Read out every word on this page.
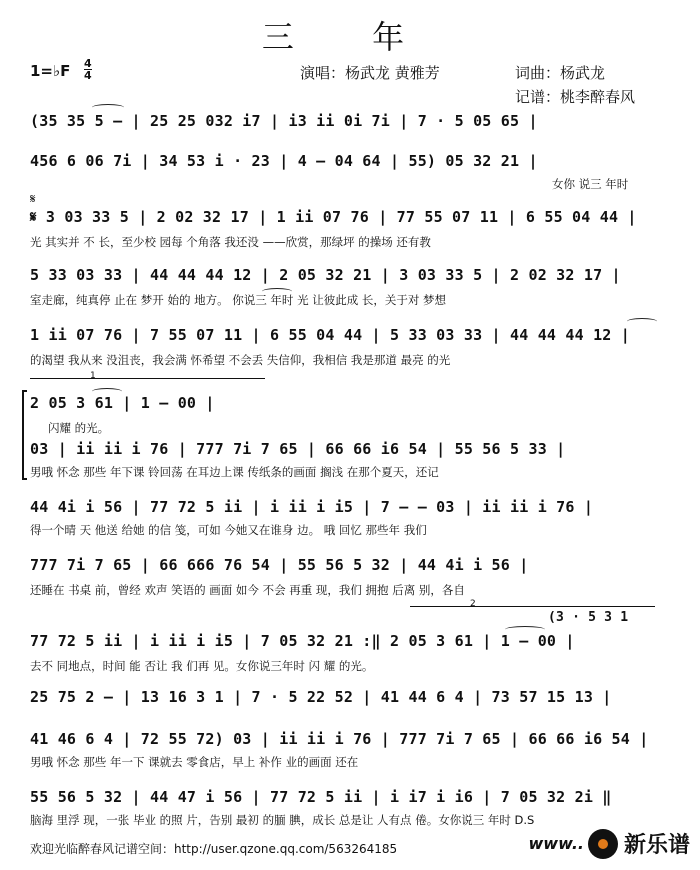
三 年
1=♭F 4
4	演唱：杨武龙 黄雅芳	词曲：杨武龙
记谱：桃李醉春风
(35 35 5 – | 25 25 032 i7 | i3 ii 0i 7i | 7 · 5 05 65 |
456 6 06 7i | 34 53 i · 23 | 4 – 04 64 | 55) 05 32 21 |
女你 说三 年时
𝄋
𝄋 3 03 33 5 | 2 02 32 17 | 1 ii 07 76 | 77 55 07 11 | 6 55 04 44 |
光 其实并 不 长，至少校 园每 个角落 我还没 ——欣赏，那绿坪 的操场 还有教
5 33 03 33 | 44 44 44 12 | 2 05 32 21 | 3 03 33 5 | 2 02 32 17 |
室走廊，纯真停 止在 梦开 始的 地方。 你说三 年时 光 让彼此成 长，关于对 梦想
1 ii 07 76 | 7 55 07 11 | 6 55 04 44 | 5 33 03 33 | 44 44 44 12 |
的渴望 我从来 没沮丧，我会满 怀希望 不会丢 失信仰，我相信 我是那道 最亮 的光
1
2 05 3 61 | 1 – 00 |
闪耀 的光。
03 | ii ii i 76 | 777 7i 7 65 | 66 66 i6 54 | 55 56 5 33 |
男哦 怀念 那些 年下课 铃回荡 在耳边上课 传纸条的画面 搁浅 在那个夏天，还记
44 4i i 56 | 77 72 5 ii | i ii i i5 | 7 – – 03 | ii ii i 76 |
得一个晴 天 他送 给她 的信 笺，可如 今她又在谁身 边。 哦 回忆 那些年 我们
777 7i 7 65 | 66 666 76 54 | 55 56 5 32 | 44 4i i 56 |
还睡在 书桌 前，曾经 欢声 笑语的 画面 如今 不会 再重 现，我们 拥抱 后离 别，各自
2
(3 · 5 3 1
77 72 5 ii | i ii i i5 | 7 05 32 21 :‖ 2 05 3 61 | 1 – 00 |
去不 同地点，时间 能 否让 我 们再 见。女你说三年时 闪 耀 的光。
25 75 2 – | 13 16 3 1 | 7 · 5 22 52 | 41 44 6 4 | 73 57 15 13 |
41 46 6 4 | 72 55 72) 03 | ii ii i 76 | 777 7i 7 65 | 66 66 i6 54 |
男哦 怀念 那些 年一下 课就去 零食店，早上 补作 业的画面 还在
55 56 5 32 | 44 47 i 56 | 77 72 5 ii | i i7 i i6 | 7 05 32 2i ‖
脑海 里浮 现，一张 毕业 的照 片，告别 最初 的腼 腆，成长 总是让 人有点 倦。女你说三 年时 D.S
欢迎光临醉春风记谱空间：http://user.qzone.qq.com/563264185	www.. 新乐谱
